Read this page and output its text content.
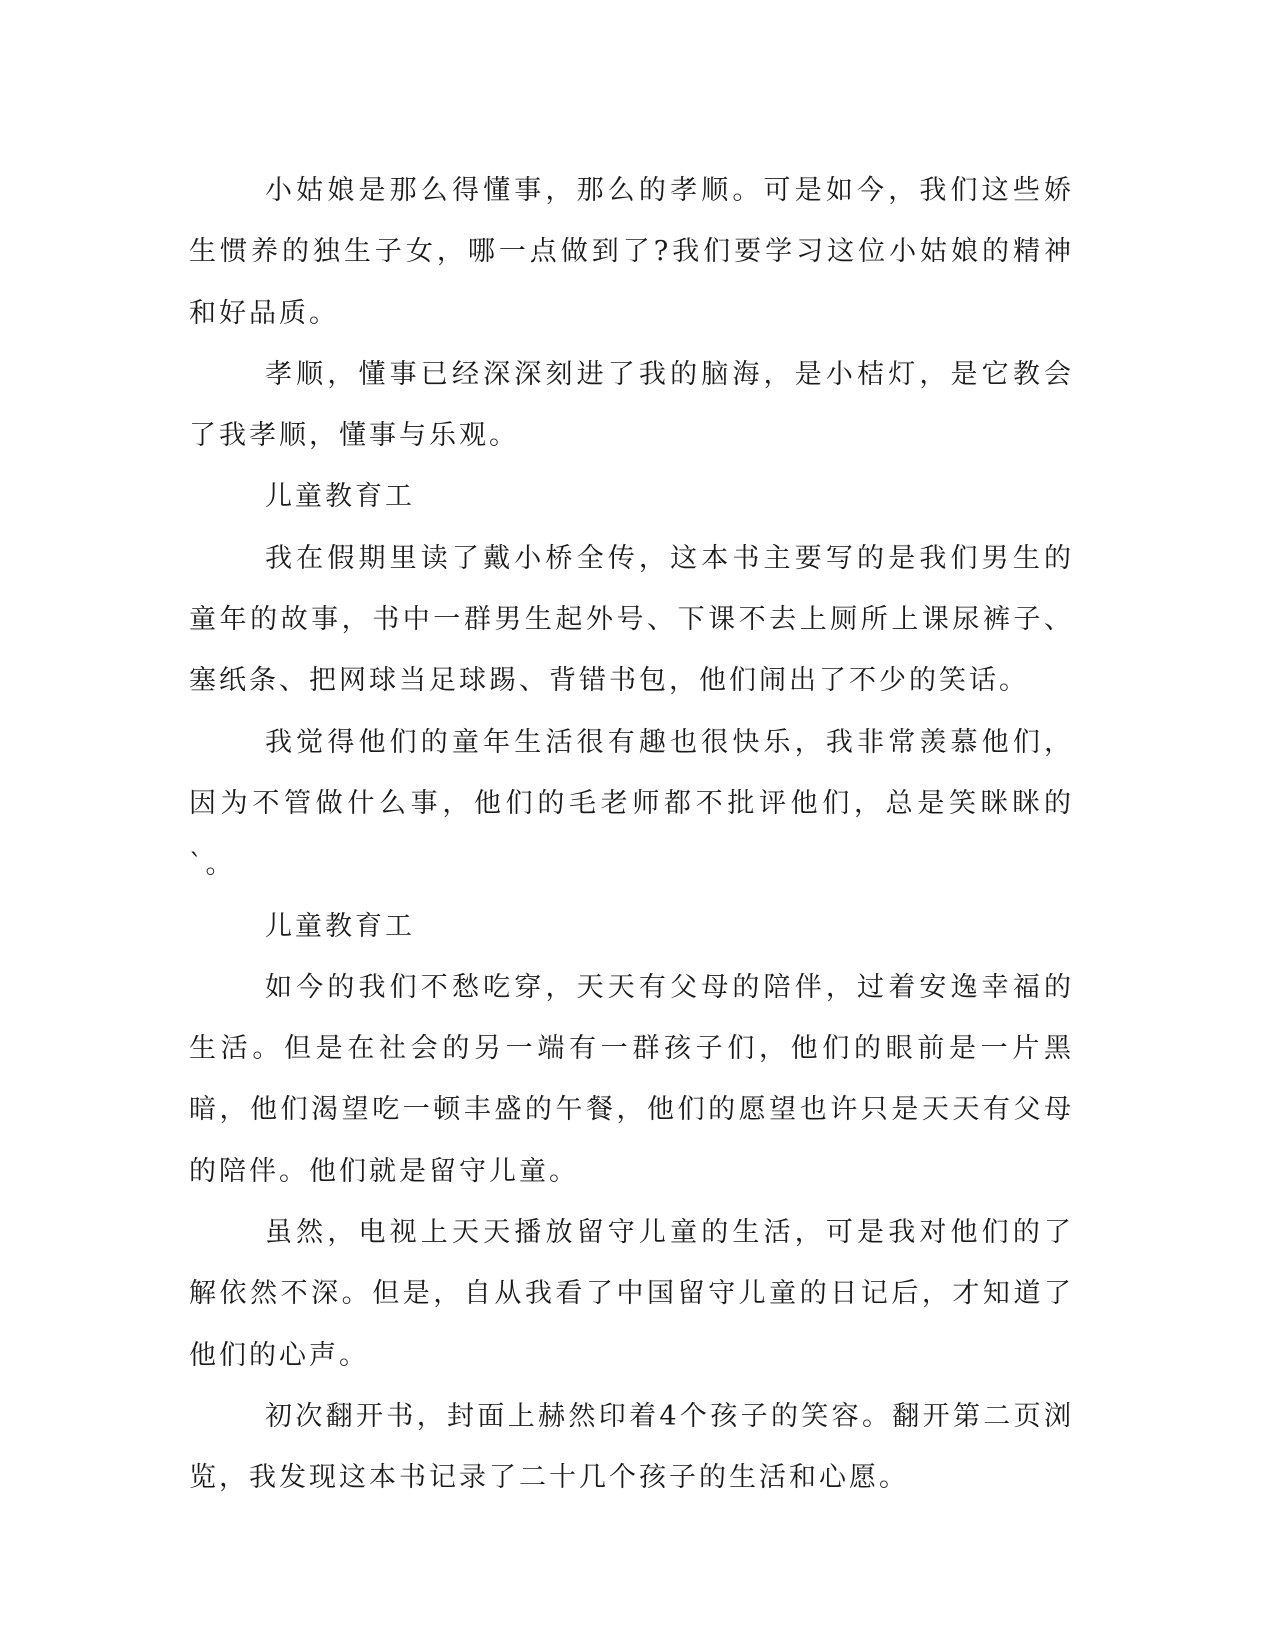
小姑娘是那么得懂事，那么的孝顺。可是如今，我们这些娇生惯养的独生子女，哪一点做到了?我们要学习这位小姑娘的精神和好品质。

孝顺，懂事已经深深刻进了我的脑海，是小桔灯，是它教会了我孝顺，懂事与乐观。

儿童教育工

我在假期里读了戴小桥全传，这本书主要写的是我们男生的童年的故事，书中一群男生起外号、下课不去上厕所上课尿裤子、塞纸条、把网球当足球踢、背错书包，他们闹出了不少的笑话。

我觉得他们的童年生活很有趣也很快乐，我非常羡慕他们，因为不管做什么事，他们的毛老师都不批评他们，总是笑眯眯的`。

儿童教育工

如今的我们不愁吃穿，天天有父母的陪伴，过着安逸幸福的生活。但是在社会的另一端有一群孩子们，他们的眼前是一片黑暗，他们渴望吃一顿丰盛的午餐，他们的愿望也许只是天天有父母的陪伴。他们就是留守儿童。

虽然，电视上天天播放留守儿童的生活，可是我对他们的了解依然不深。但是，自从我看了中国留守儿童的日记后，才知道了他们的心声。

初次翻开书，封面上赫然印着4个孩子的笑容。翻开第二页浏览，我发现这本书记录了二十几个孩子的生活和心愿。
